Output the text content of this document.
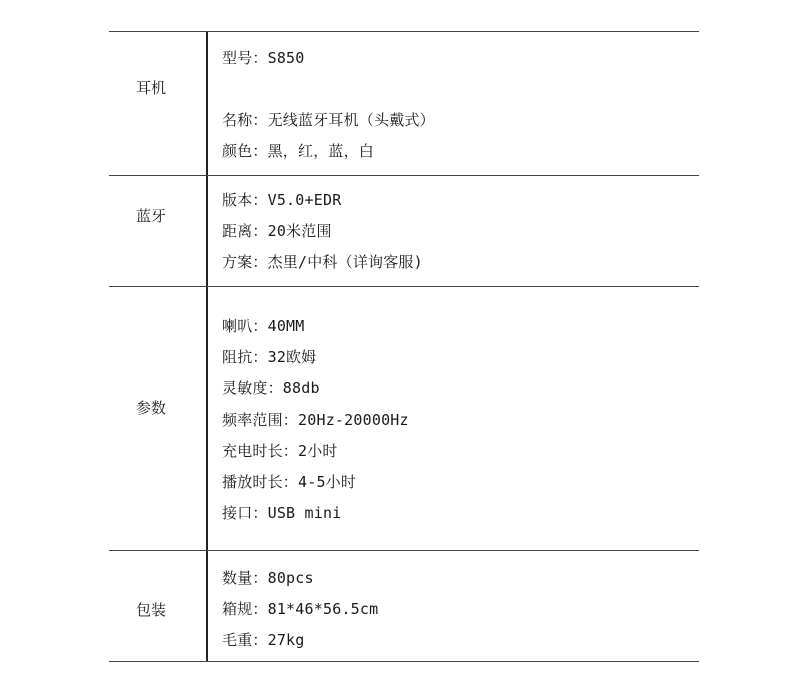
耳机
型号：S850
名称：无线蓝牙耳机（头戴式）
颜色：黑，红，蓝，白
蓝牙
版本：V5.0+EDR
距离：20米范围
方案：杰里/中科（详询客服)
参数
喇叭：40MM
阻抗：32欧姆
灵敏度：88db
频率范围：20Hz-20000Hz
充电时长：2小时
播放时长：4-5小时
接口：USB mini
包装
数量：80pcs
箱规：81*46*56.5cm
毛重：27kg
